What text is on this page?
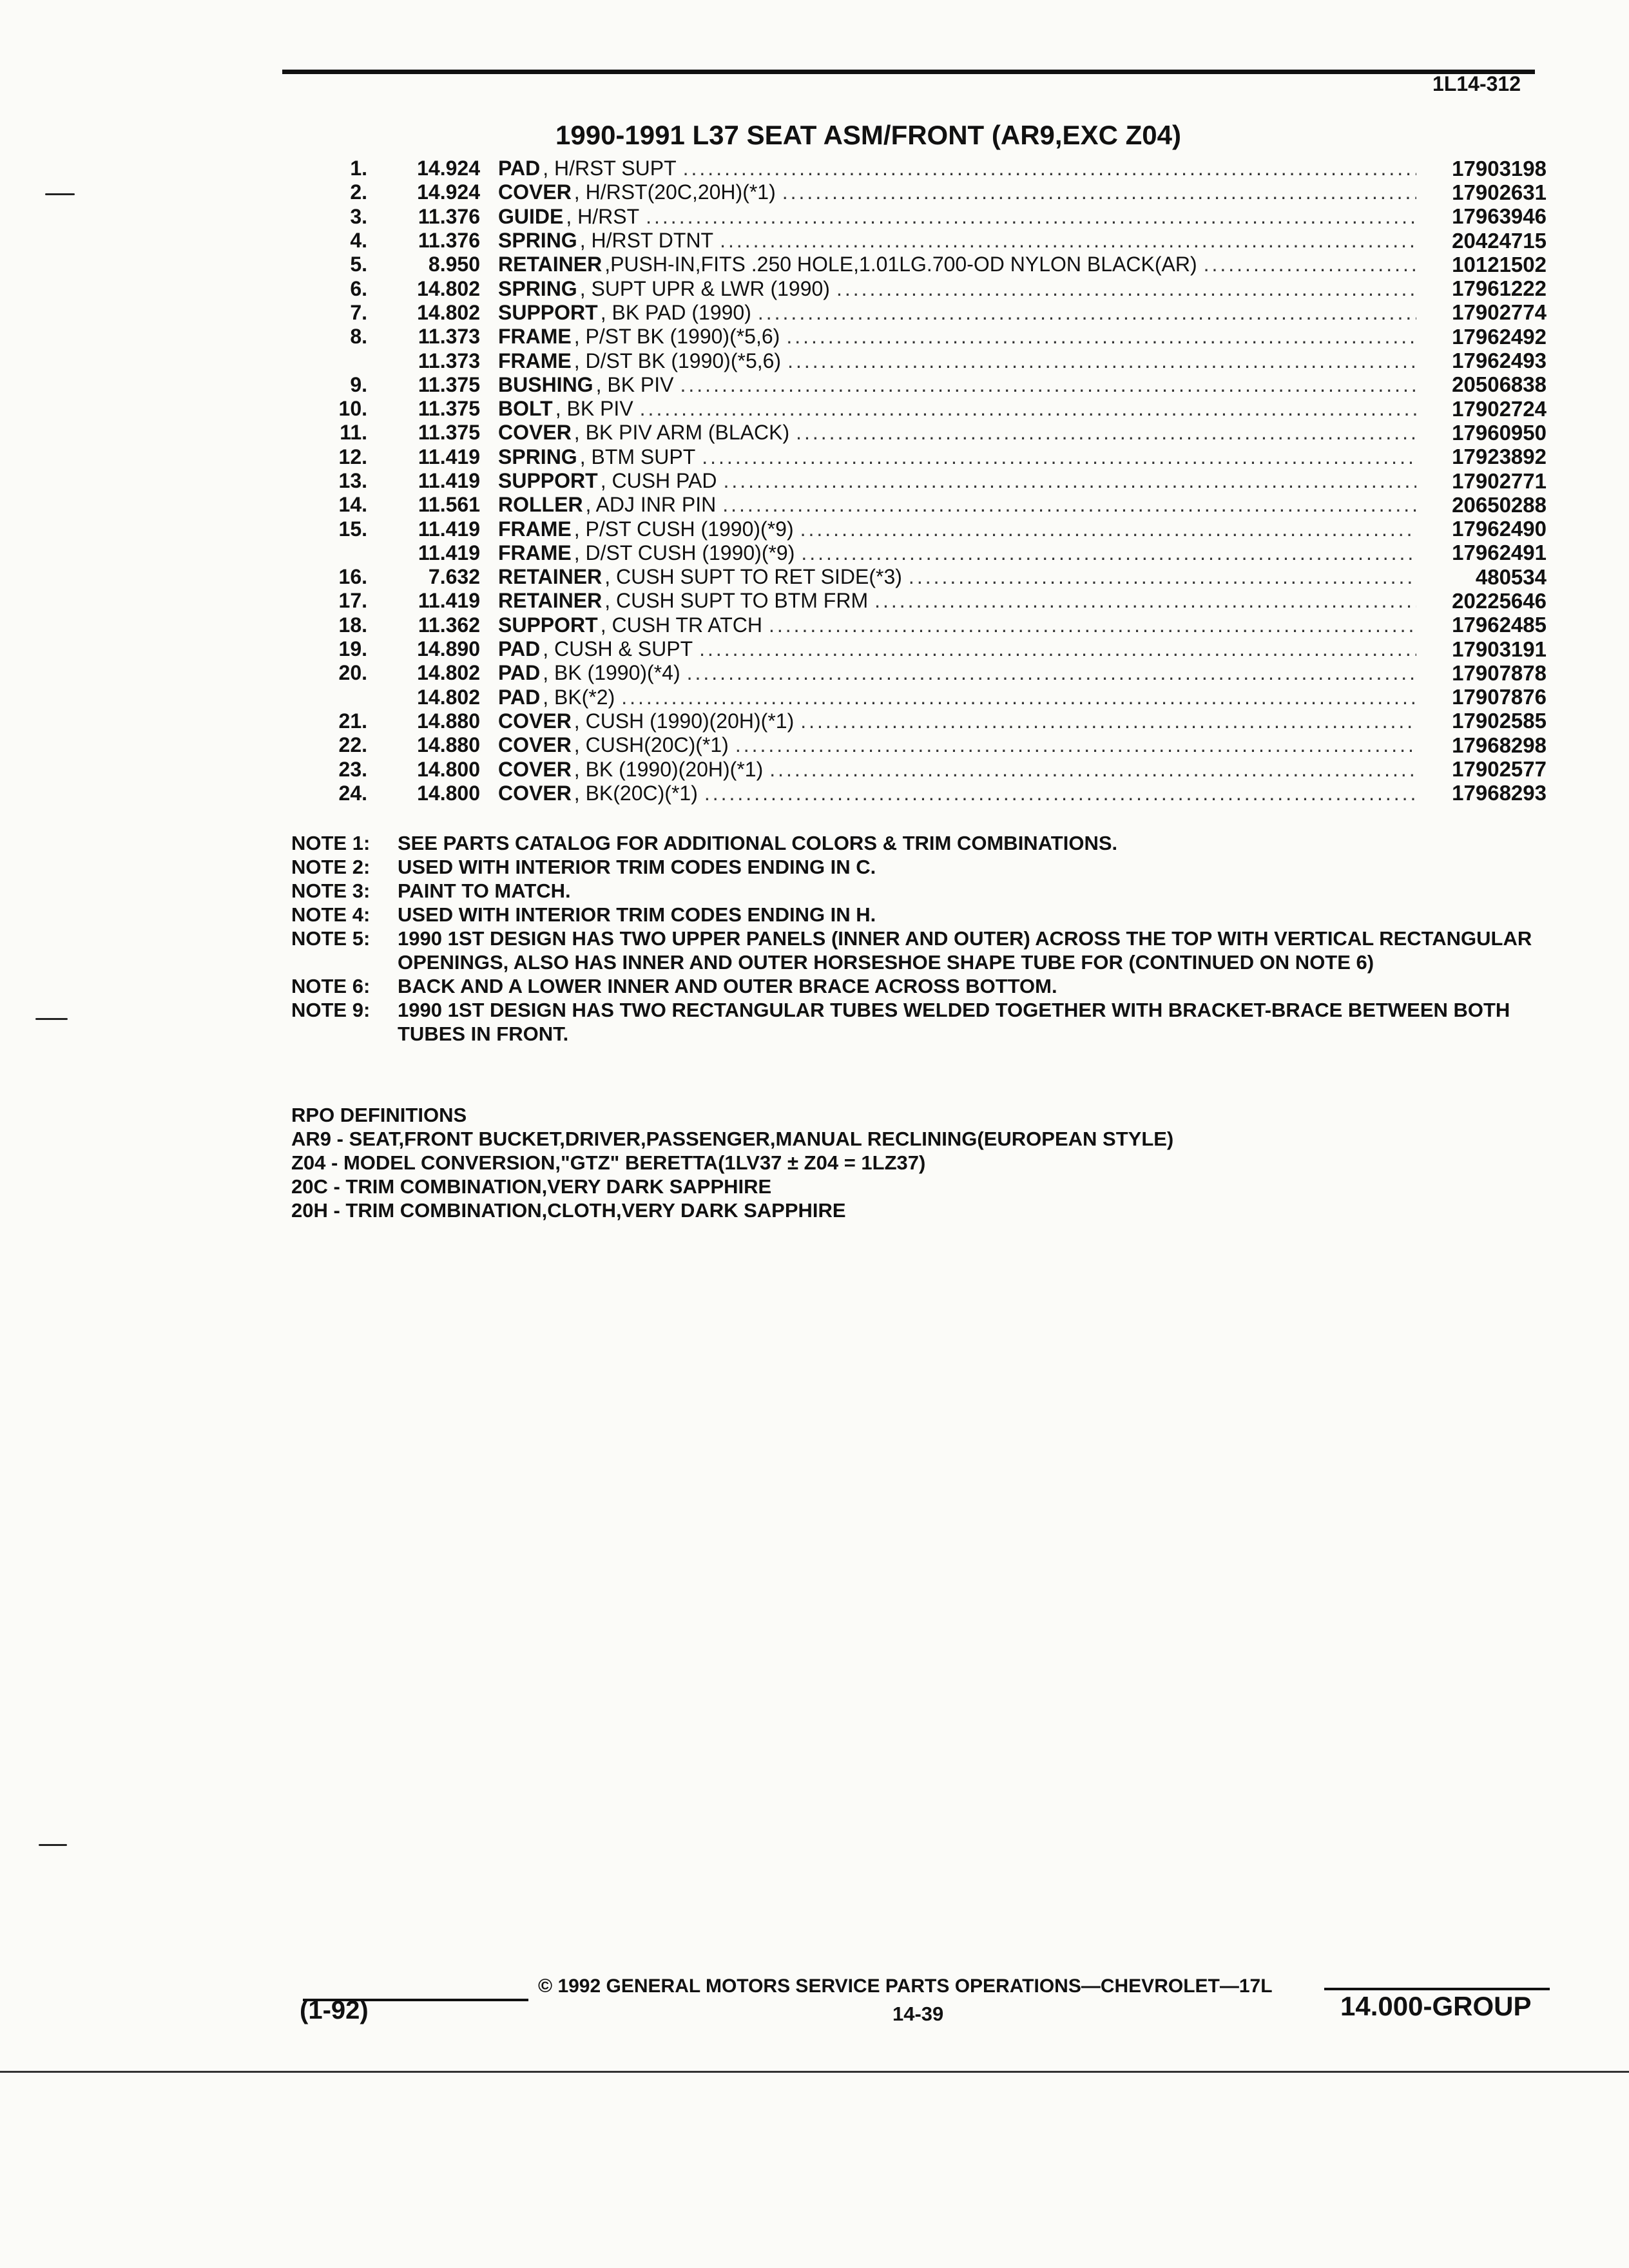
1L14-312
1990-1991 L37 SEAT ASM/FRONT (AR9,EXC Z04)
1.	14.924 PAD , H/RST SUPT .....	17903198
2.	14.924 COVER , H/RST(20C,20H)(*1) .....	17902631
3.	11.376 GUIDE , H/RST .....	17963946
4.	11.376 SPRING , H/RST DTNT .....	20424715
5.	8.950 RETAINER ,PUSH-IN,FITS .250 HOLE,1.01LG.700-OD NYLON BLACK(AR) .....	10121502
6.	14.802 SPRING , SUPT UPR & LWR (1990) .....	17961222
7.	14.802 SUPPORT , BK PAD (1990) .....	17902774
8.	11.373 FRAME , P/ST BK (1990)(*5,6) .....	17962492
11.373 FRAME , D/ST BK (1990)(*5,6) .....	17962493
9.	11.375 BUSHING , BK PIV .....	20506838
10.	11.375 BOLT , BK PIV .....	17902724
11.	11.375 COVER , BK PIV ARM (BLACK) .....	17960950
12.	11.419 SPRING , BTM SUPT .....	17923892
13.	11.419 SUPPORT , CUSH PAD .....	17902771
14.	11.561 ROLLER , ADJ INR PIN .....	20650288
15.	11.419 FRAME , P/ST CUSH (1990)(*9) .....	17962490
11.419 FRAME , D/ST CUSH (1990)(*9) .....	17962491
16.	7.632 RETAINER , CUSH SUPT TO RET SIDE(*3) .....	480534
17.	11.419 RETAINER , CUSH SUPT TO BTM FRM .....	20225646
18.	11.362 SUPPORT , CUSH TR ATCH .....	17962485
19.	14.890 PAD , CUSH & SUPT .....	17903191
20.	14.802 PAD , BK (1990)(*4) .....	17907878
14.802 PAD , BK(*2) .....	17907876
21.	14.880 COVER , CUSH (1990)(20H)(*1) .....	17902585
22.	14.880 COVER , CUSH(20C)(*1) .....	17968298
23.	14.800 COVER , BK (1990)(20H)(*1) .....	17902577
24.	14.800 COVER , BK(20C)(*1) .....	17968293
NOTE 1:	SEE PARTS CATALOG FOR ADDITIONAL COLORS & TRIM COMBINATIONS.
NOTE 2:	USED WITH INTERIOR TRIM CODES ENDING IN C.
NOTE 3:	PAINT TO MATCH.
NOTE 4:	USED WITH INTERIOR TRIM CODES ENDING IN H.
NOTE 5:	1990 1ST DESIGN HAS TWO UPPER PANELS (INNER AND OUTER) ACROSS THE TOP WITH VERTICAL RECTANGULAR OPENINGS, ALSO HAS INNER AND OUTER HORSESHOE SHAPE TUBE FOR (CONTINUED ON NOTE 6)
NOTE 6:	BACK AND A LOWER INNER AND OUTER BRACE ACROSS BOTTOM.
NOTE 9:	1990 1ST DESIGN HAS TWO RECTANGULAR TUBES WELDED TOGETHER WITH BRACKET-BRACE BETWEEN BOTH TUBES IN FRONT.
RPO DEFINITIONS
AR9 - SEAT,FRONT BUCKET,DRIVER,PASSENGER,MANUAL RECLINING(EUROPEAN STYLE)
Z04 - MODEL CONVERSION,"GTZ" BERETTA(1LV37 ± Z04 = 1LZ37)
20C - TRIM COMBINATION,VERY DARK SAPPHIRE
20H - TRIM COMBINATION,CLOTH,VERY DARK SAPPHIRE
© 1992 GENERAL MOTORS SERVICE PARTS OPERATIONS—CHEVROLET—17L
14-39
(1-92)	14.000-GROUP
